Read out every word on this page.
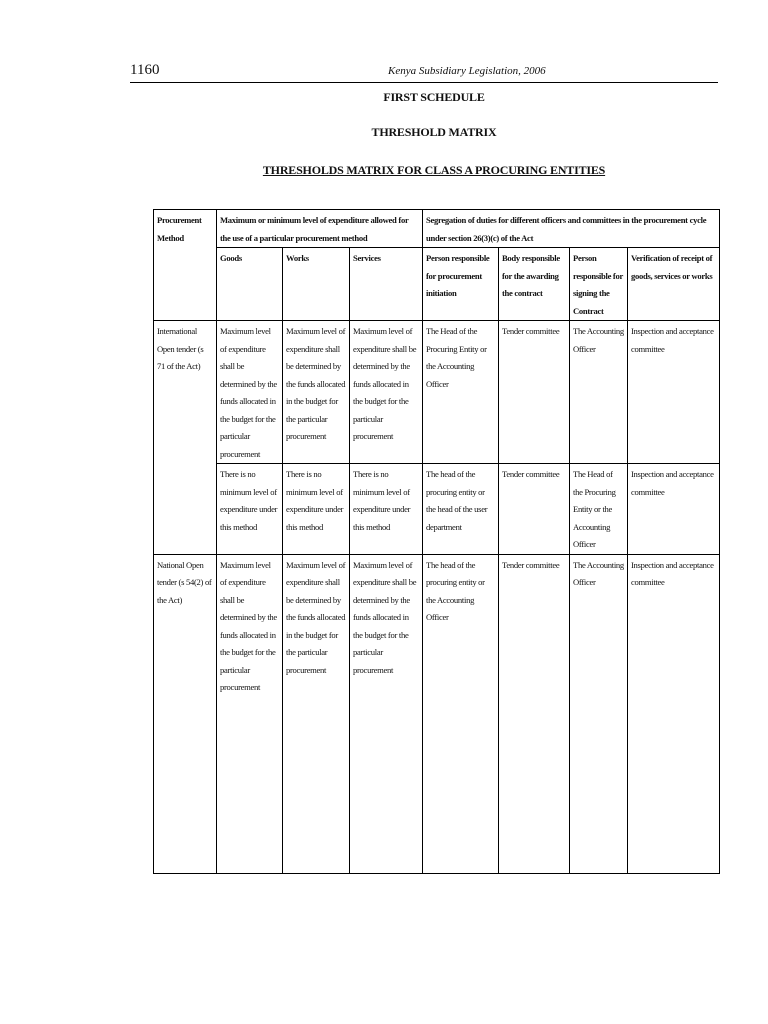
1160	Kenya Subsidiary Legislation, 2006
FIRST SCHEDULE
THRESHOLD MATRIX
THRESHOLDS MATRIX FOR CLASS A PROCURING ENTITIES
Procurement Method	Maximum or minimum level of expenditure allowed for the use of a particular procurement method			Segregation of duties for different officers and committees in the procurement cycle under section 26(3)(c) of the Act			
	Goods	Works	Services	Person responsible for procurement initiation	Body responsible for the awarding the contract	Person responsible for signing the Contract	Verification of receipt of goods, services or works
International Open tender (s 71 of the Act)	Maximum level of expenditure shall be determined by the funds allocated in the budget for the particular procurement	Maximum level of expenditure shall be determined by the funds allocated in the budget for the particular procurement	Maximum level of expenditure shall be determined by the funds allocated in the budget for the particular procurement	The Head of the Procuring Entity or the Accounting Officer	Tender committee	The Accounting Officer	Inspection and acceptance committee
	There is no minimum level of expenditure under this method	There is no minimum level of expenditure under this method	There is no minimum level of expenditure under this method	The head of the procuring entity or the head of the user department	Tender committee	The Head of the Procuring Entity or the Accounting Officer	Inspection and acceptance committee
National Open tender (s 54(2) of the Act)	Maximum level of expenditure shall be determined by the funds allocated in the budget for the particular procurement	Maximum level of expenditure shall be determined by the funds allocated in the budget for the particular procurement	Maximum level of expenditure shall be determined by the funds allocated in the budget for the particular procurement	The head of the procuring entity or the Accounting Officer	Tender committee	The Accounting Officer	Inspection and acceptance committee
